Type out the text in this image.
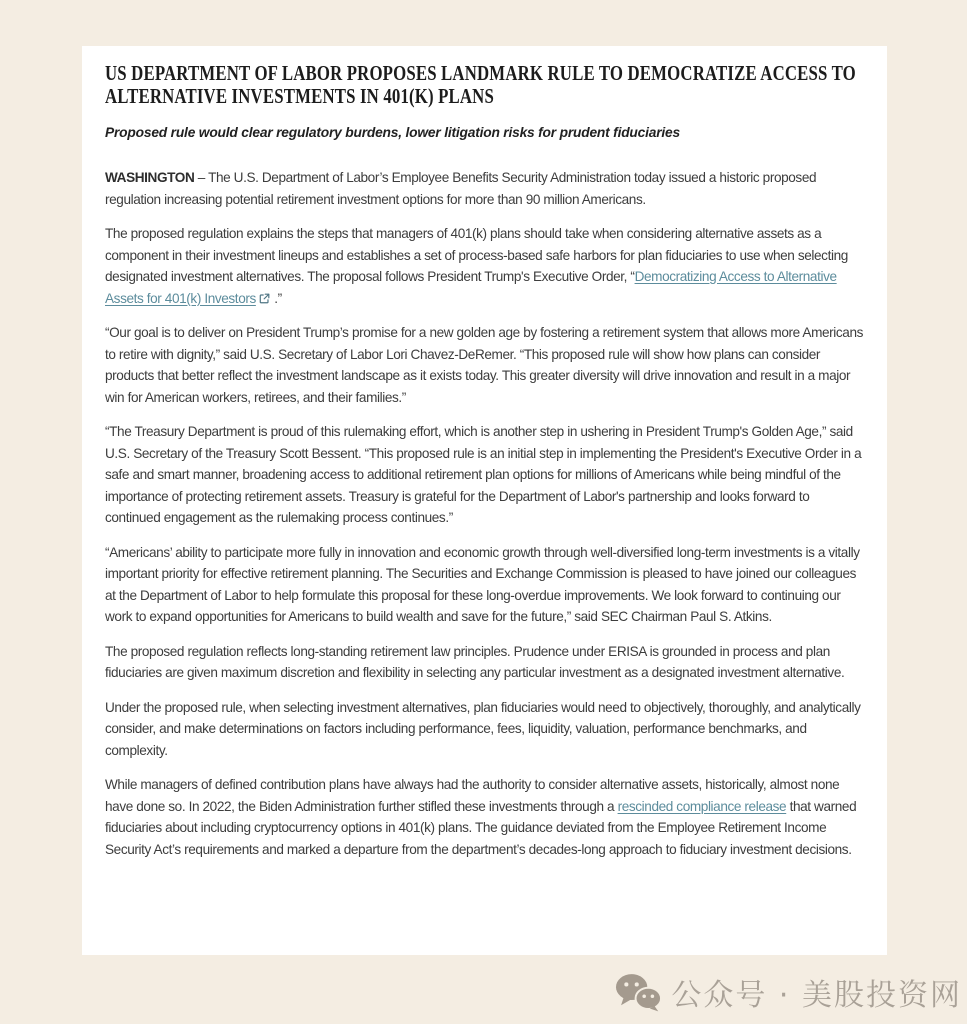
US DEPARTMENT OF LABOR PROPOSES LANDMARK RULE TO DEMOCRATIZE ACCESS TO
ALTERNATIVE INVESTMENTS IN 401(K) PLANS

Proposed rule would clear regulatory burdens, lower litigation risks for prudent fiduciaries

WASHINGTON – The U.S. Department of Labor’s Employee Benefits Security Administration today issued a historic proposed regulation increasing potential retirement investment options for more than 90 million Americans.

The proposed regulation explains the steps that managers of 401(k) plans should take when considering alternative assets as a component in their investment lineups and establishes a set of process-based safe harbors for plan fiduciaries to use when selecting designated investment alternatives. The proposal follows President Trump's Executive Order, “Democratizing Access to Alternative Assets for 401(k) Investors .”

“Our goal is to deliver on President Trump’s promise for a new golden age by fostering a retirement system that allows more Americans to retire with dignity,” said U.S. Secretary of Labor Lori Chavez-DeRemer. “This proposed rule will show how plans can consider products that better reflect the investment landscape as it exists today. This greater diversity will drive innovation and result in a major win for American workers, retirees, and their families.”

“The Treasury Department is proud of this rulemaking effort, which is another step in ushering in President Trump's Golden Age,” said U.S. Secretary of the Treasury Scott Bessent. “This proposed rule is an initial step in implementing the President's Executive Order in a safe and smart manner, broadening access to additional retirement plan options for millions of Americans while being mindful of the importance of protecting retirement assets. Treasury is grateful for the Department of Labor's partnership and looks forward to continued engagement as the rulemaking process continues.”

“Americans’ ability to participate more fully in innovation and economic growth through well-diversified long-term investments is a vitally important priority for effective retirement planning. The Securities and Exchange Commission is pleased to have joined our colleagues at the Department of Labor to help formulate this proposal for these long-overdue improvements. We look forward to continuing our work to expand opportunities for Americans to build wealth and save for the future,” said SEC Chairman Paul S. Atkins.

The proposed regulation reflects long-standing retirement law principles. Prudence under ERISA is grounded in process and plan fiduciaries are given maximum discretion and flexibility in selecting any particular investment as a designated investment alternative.

Under the proposed rule, when selecting investment alternatives, plan fiduciaries would need to objectively, thoroughly, and analytically consider, and make determinations on factors including performance, fees, liquidity, valuation, performance benchmarks, and complexity.

While managers of defined contribution plans have always had the authority to consider alternative assets, historically, almost none have done so. In 2022, the Biden Administration further stifled these investments through a rescinded compliance release that warned fiduciaries about including cryptocurrency options in 401(k) plans. The guidance deviated from the Employee Retirement Income Security Act’s requirements and marked a departure from the department’s decades-long approach to fiduciary investment decisions.

公众号 · 美股投资网
